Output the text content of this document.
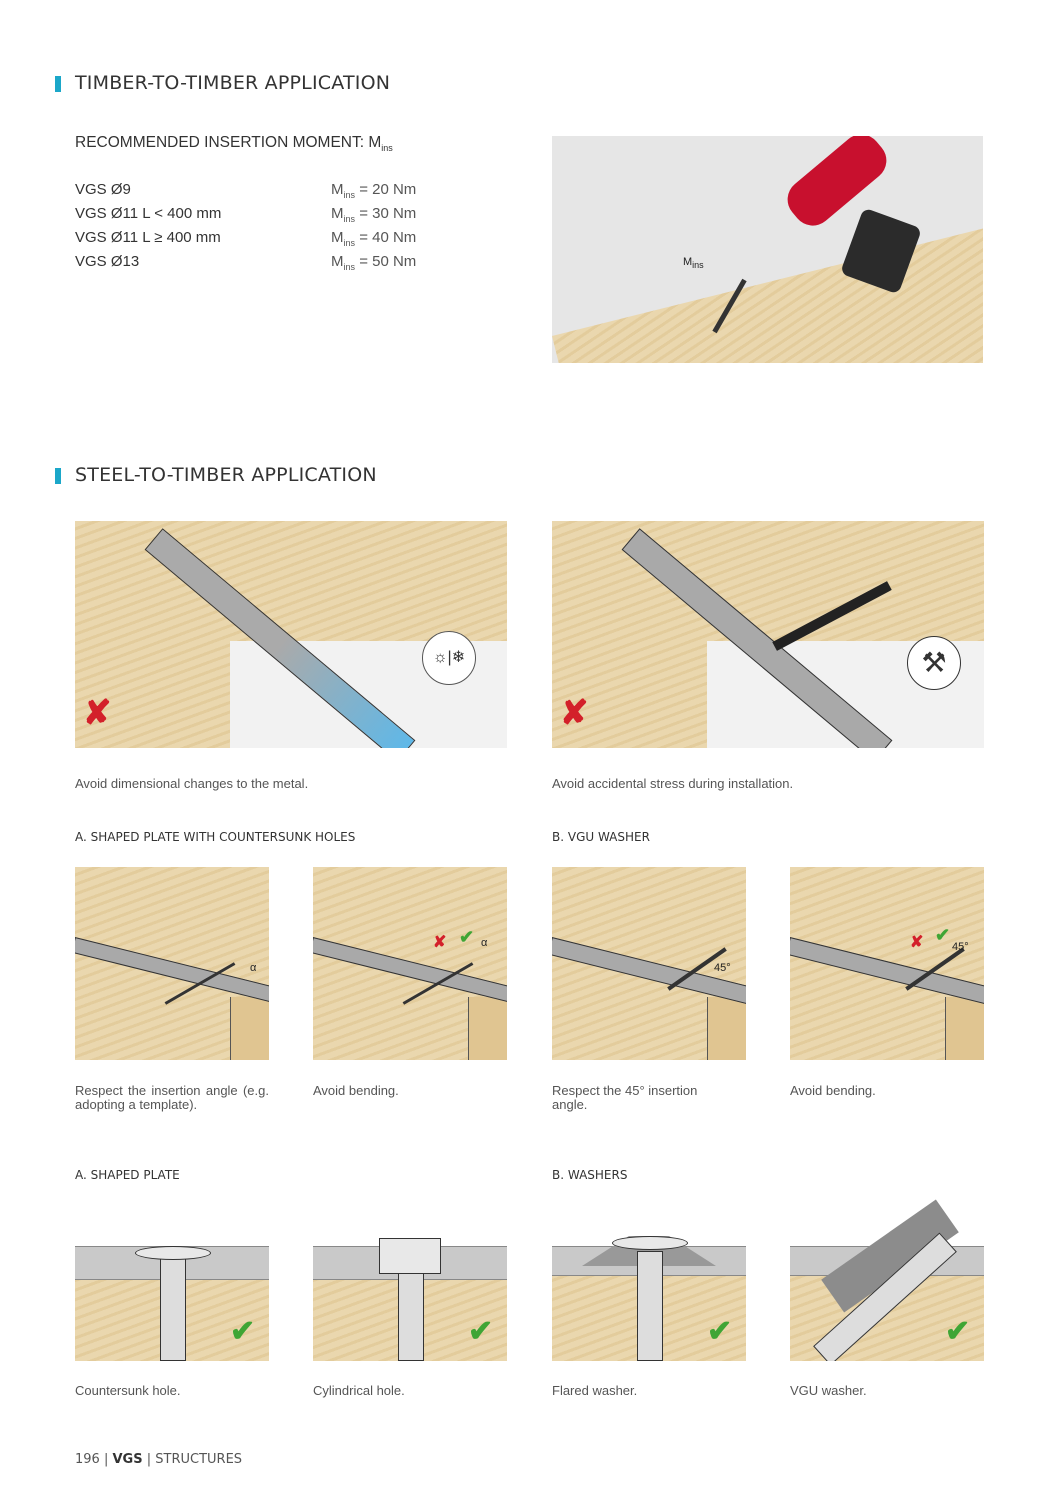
TIMBER-TO-TIMBER APPLICATION
RECOMMENDED INSERTION MOMENT: $M_{ins}$
VGS Ø9	$M_{ins} = 20$ Nm
VGS Ø11 L < 400 mm	$M_{ins} = 30$ Nm
VGS Ø11 L ≥ 400 mm	$M_{ins} = 40$ Nm
VGS Ø13	$M_{ins} = 50$ Nm	$M_{ins}$
STEEL-TO-TIMBER APPLICATION
☼|❄
✘
⚒
✘
Avoid dimensional changes to the metal.	Avoid accidental stress during installation.
A. SHAPED PLATE WITH COUNTERSUNK HOLES	B. VGU WASHER
α
✘ ✔ α
45°
✘ ✔
45°
Respect the insertion angle (e.g. adopting a template).
Avoid bending.	Respect the 45° insertion angle.
Avoid bending.
A. SHAPED PLATE	B. WASHERS
✔	✔	✔	✔
Countersunk hole.	Cylindrical hole.	Flared washer.	VGU washer.
196 | VGS | STRUCTURES
